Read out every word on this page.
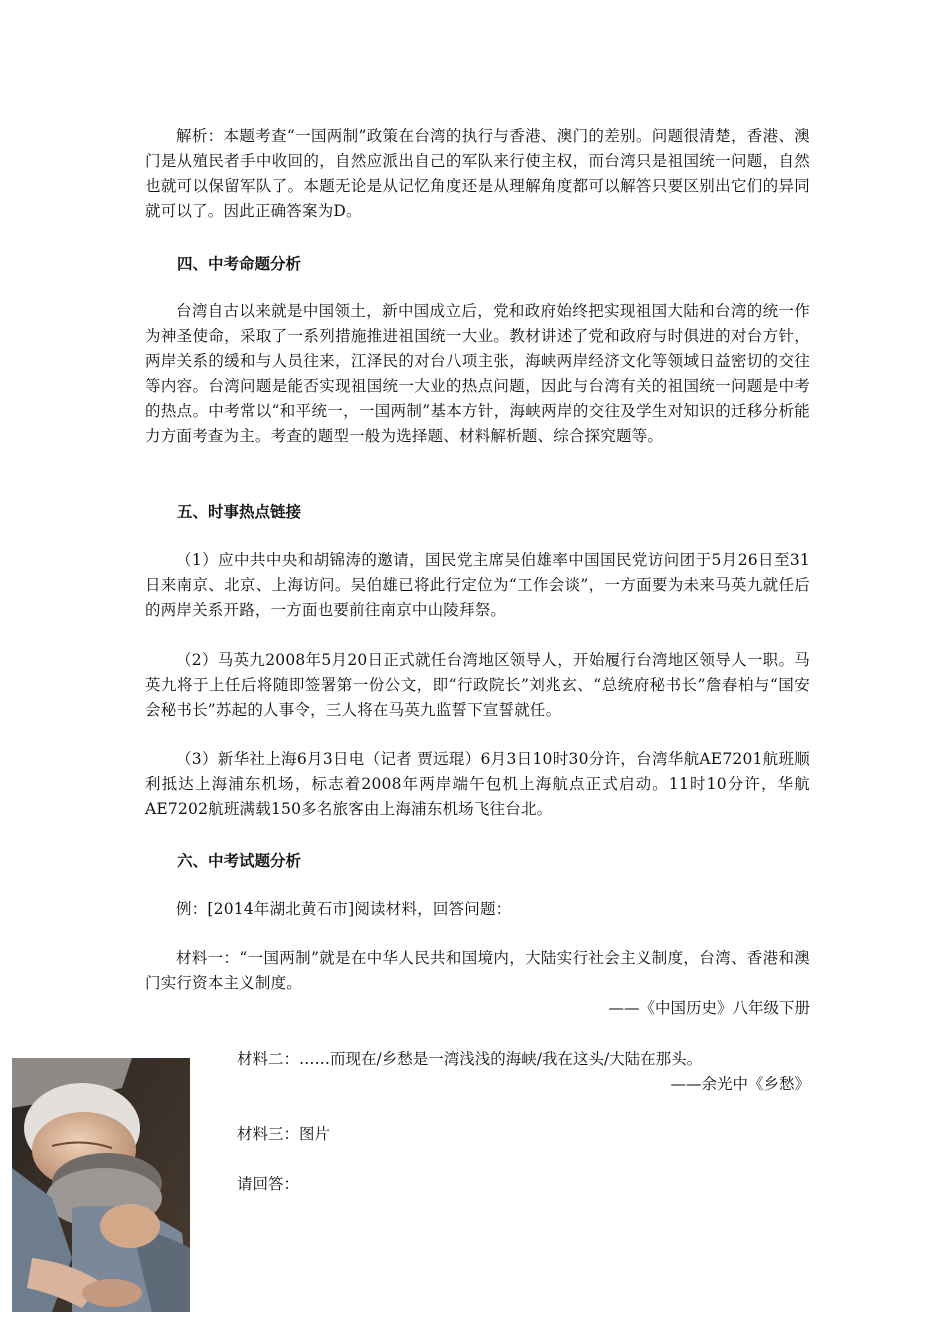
解析：本题考查“一国两制”政策在台湾的执行与香港、澳门的差别。问题很清楚，香港、澳门是从殖民者手中收回的，自然应派出自己的军队来行使主权，而台湾只是祖国统一问题，自然也就可以保留军队了。本题无论是从记忆角度还是从理解角度都可以解答只要区别出它们的异同就可以了。因此正确答案为D。

四、中考命题分析

台湾自古以来就是中国领土，新中国成立后，党和政府始终把实现祖国大陆和台湾的统一作为神圣使命，采取了一系列措施推进祖国统一大业。教材讲述了党和政府与时俱进的对台方针，两岸关系的缓和与人员往来，江泽民的对台八项主张，海峡两岸经济文化等领域日益密切的交往等内容。台湾问题是能否实现祖国统一大业的热点问题，因此与台湾有关的祖国统一问题是中考的热点。中考常以“和平统一，一国两制”基本方针，海峡两岸的交往及学生对知识的迁移分析能力方面考查为主。考查的题型一般为选择题、材料解析题、综合探究题等。

五、时事热点链接

（1）应中共中央和胡锦涛的邀请，国民党主席吴伯雄率中国国民党访问团于5月26日至31日来南京、北京、上海访问。吴伯雄已将此行定位为“工作会谈”，一方面要为未来马英九就任后的两岸关系开路，一方面也要前往南京中山陵拜祭。

（2）马英九2008年5月20日正式就任台湾地区领导人，开始履行台湾地区领导人一职。马英九将于上任后将随即签署第一份公文，即“行政院长”刘兆玄、“总统府秘书长”詹春柏与“国安会秘书长”苏起的人事令，三人将在马英九监誓下宣誓就任。

（3）新华社上海6月3日电（记者 贾远琨）6月3日10时30分许，台湾华航AE7201航班顺利抵达上海浦东机场，标志着2008年两岸端午包机上海航点正式启动。11时10分许，华航AE7202航班满载150多名旅客由上海浦东机场飞往台北。

六、中考试题分析

例：[2014年湖北黄石市]阅读材料，回答问题：

材料一：“一国两制”就是在中华人民共和国境内，大陆实行社会主义制度，台湾、香港和澳门实行资本主义制度。

——《中国历史》八年级下册
材料二：……而现在/乡愁是一湾浅浅的海峡/我在这头/大陆在那头。
——余光中《乡愁》
材料三：图片
请回答：
